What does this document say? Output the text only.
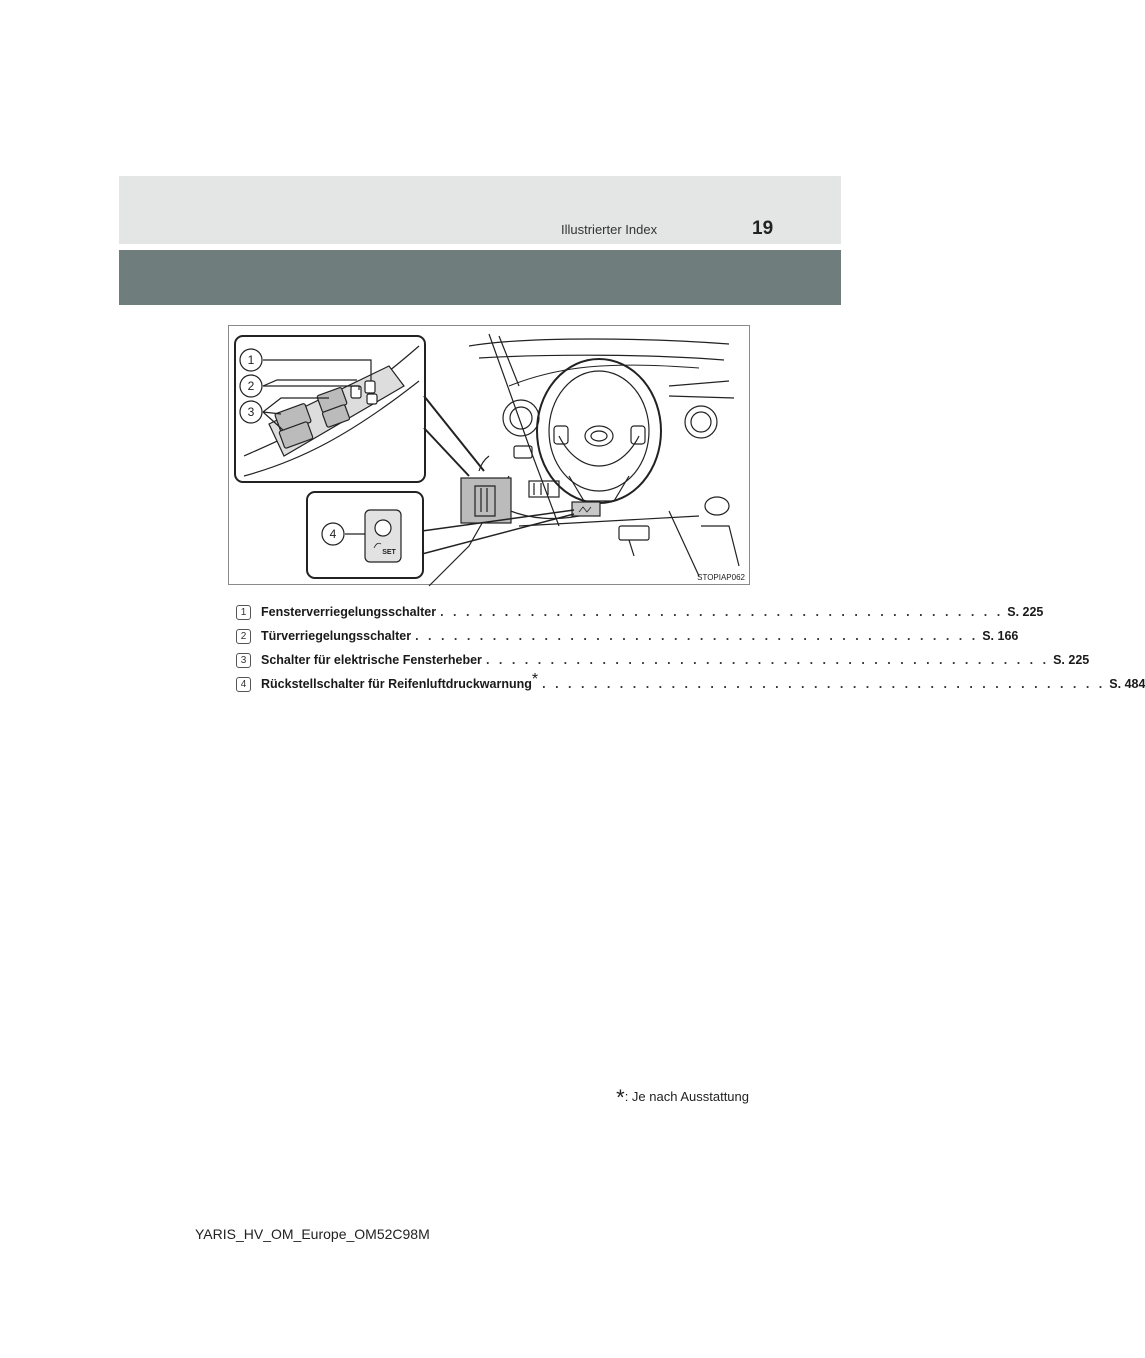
Illustrierter Index	19
1
2
3
4
SET
STOPIAP062
1	Fensterverriegelungsschalter . . . . . . . . . . . . . . . . . . . . . . . . . . . . . . . . . . . . . . . . . . . . S. 225
2	Türverriegelungsschalter . . . . . . . . . . . . . . . . . . . . . . . . . . . . . . . . . . . . . . . . . . . . S. 166
3	Schalter für elektrische Fensterheber . . . . . . . . . . . . . . . . . . . . . . . . . . . . . . . . . . . . . . . . . . . . S. 225
4	Rückstellschalter für Reifenluftdruckwarnung * . . . . . . . . . . . . . . . . . . . . . . . . . . . . . . . . . . . . . . . . . . . . S. 484
*: Je nach Ausstattung
YARIS_HV_OM_Europe_OM52C98M
